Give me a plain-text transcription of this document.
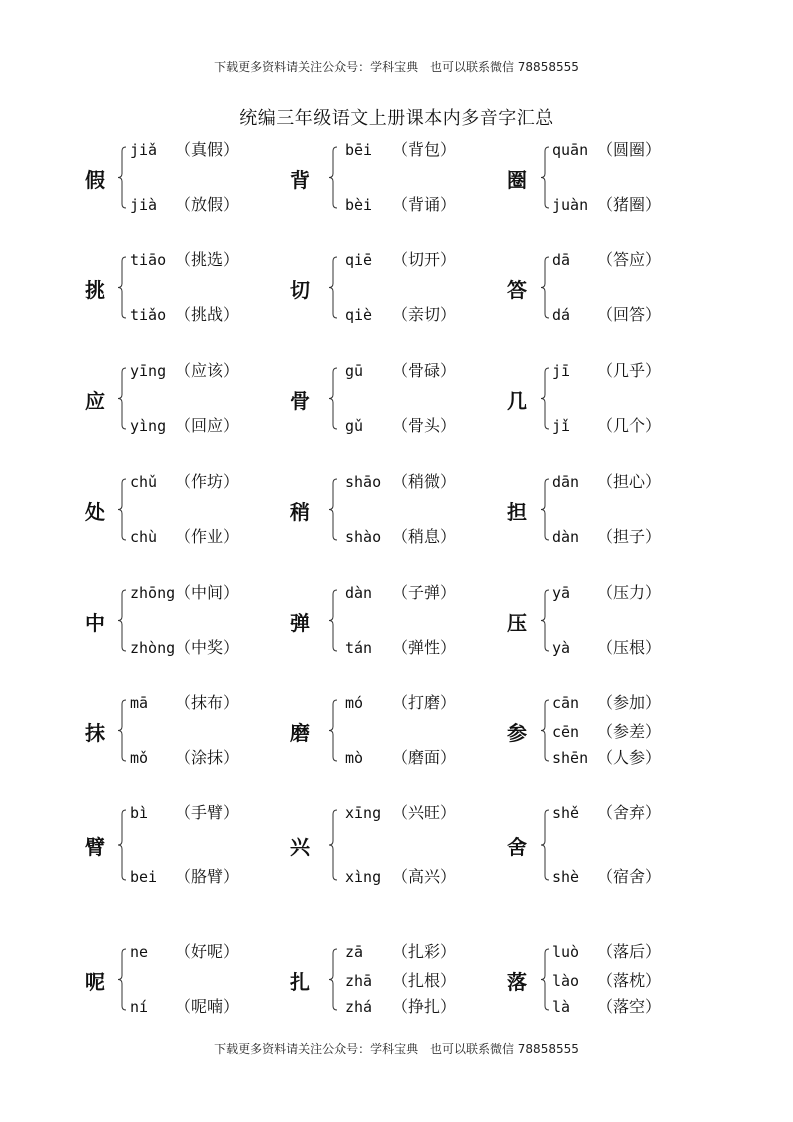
下载更多资料请关注公众号：学科宝典 也可以联系微信 78858555
统编三年级语文上册课本内多音字汇总
假
jiǎ （真假）
jià （放假）
背
bēi （背包）
bèi （背诵）
圈
quān （圆圈）
juàn （猪圈）
挑
tiāo （挑选）
tiǎo （挑战）
切
qiē （切开）
qiè （亲切）
答
dā （答应）
dá （回答）
应
yīng （应该）
yìng （回应）
骨
gū （骨碌）
gǔ （骨头）
几
jī （几乎）
jǐ （几个）
处
chǔ （作坊）
chù （作业）
稍
shāo （稍微）
shào （稍息）
担
dān （担心）
dàn （担子）
中
zhōng （中间）
zhòng （中奖）
弹
dàn （子弹）
tán （弹性）
压
yā （压力）
yà （压根）
抹
mā （抹布）
mǒ （涂抹）
磨
mó （打磨）
mò （磨面）
参
cān （参加）
cēn （参差）
shēn （人参）
臂
bì （手臂）
bei （胳臂）
兴
xīng （兴旺）
xìng （高兴）
舍
shě （舍弃）
shè （宿舍）
呢
ne （好呢）
ní （呢喃）
扎
zā （扎彩）
zhā （扎根）
zhá （挣扎）
落
luò （落后）
lào （落枕）
là （落空）
下载更多资料请关注公众号：学科宝典 也可以联系微信 78858555
